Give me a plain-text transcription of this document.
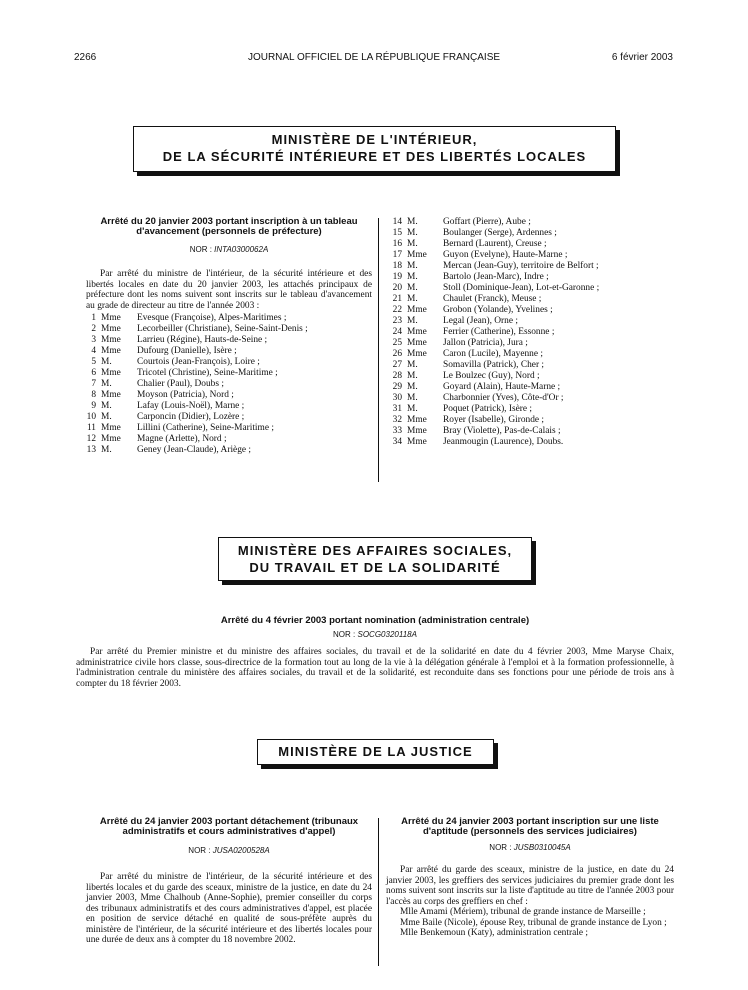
2266	JOURNAL OFFICIEL DE LA RÉPUBLIQUE FRANÇAISE	6 février 2003
MINISTÈRE DE L'INTÉRIEUR,
DE LA SÉCURITÉ INTÉRIEURE ET DES LIBERTÉS LOCALES
Arrêté du 20 janvier 2003 portant inscription à un tableau d'avancement (personnels de préfecture)
NOR : INTA0300062A
Par arrêté du ministre de l'intérieur, de la sécurité intérieure et des libertés locales en date du 20 janvier 2003, les attachés principaux de préfecture dont les noms suivent sont inscrits sur le tableau d'avancement au grade de directeur au titre de l'année 2003 :
1 Mme	Evesque (Françoise), Alpes-Maritimes ;
2 Mme	Lecorbeiller (Christiane), Seine-Saint-Denis ;
3 Mme	Larrieu (Régine), Hauts-de-Seine ;
4 Mme	Dufourg (Danielle), Isère ;
5 M.	Courtois (Jean-François), Loire ;
6 Mme	Tricotel (Christine), Seine-Maritime ;
7 M.	Chalier (Paul), Doubs ;
8 Mme	Moyson (Patricia), Nord ;
9 M.	Lafay (Louis-Noël), Marne ;
10 M.	Carponcin (Didier), Lozère ;
11 Mme	Lillini (Catherine), Seine-Maritime ;
12 Mme	Magne (Arlette), Nord ;
13 M.	Geney (Jean-Claude), Ariège ;
14 M.	Goffart (Pierre), Aube ;
15 M.	Boulanger (Serge), Ardennes ;
16 M.	Bernard (Laurent), Creuse ;
17 Mme	Guyon (Evelyne), Haute-Marne ;
18 M.	Mercan (Jean-Guy), territoire de Belfort ;
19 M.	Bartolo (Jean-Marc), Indre ;
20 M.	Stoll (Dominique-Jean), Lot-et-Garonne ;
21 M.	Chaulet (Franck), Meuse ;
22 Mme	Grobon (Yolande), Yvelines ;
23 M.	Legal (Jean), Orne ;
24 Mme	Ferrier (Catherine), Essonne ;
25 Mme	Jallon (Patricia), Jura ;
26 Mme	Caron (Lucile), Mayenne ;
27 M.	Somavilla (Patrick), Cher ;
28 M.	Le Boulzec (Guy), Nord ;
29 M.	Goyard (Alain), Haute-Marne ;
30 M.	Charbonnier (Yves), Côte-d'Or ;
31 M.	Poquet (Patrick), Isère ;
32 Mme	Royer (Isabelle), Gironde ;
33 Mme	Bray (Violette), Pas-de-Calais ;
34 Mme	Jeanmougin (Laurence), Doubs.
MINISTÈRE DES AFFAIRES SOCIALES,
DU TRAVAIL ET DE LA SOLIDARITÉ
Arrêté du 4 février 2003 portant nomination (administration centrale)
NOR : SOCG0320118A
Par arrêté du Premier ministre et du ministre des affaires sociales, du travail et de la solidarité en date du 4 février 2003, Mme Maryse Chaix, administratrice civile hors classe, sous-directrice de la formation tout au long de la vie à la délégation générale à l'emploi et à la formation professionnelle, à l'administration centrale du ministère des affaires sociales, du travail et de la solidarité, est reconduite dans ses fonctions pour une période de trois ans à compter du 18 février 2003.
MINISTÈRE DE LA JUSTICE
Arrêté du 24 janvier 2003 portant détachement (tribunaux administratifs et cours administratives d'appel)
NOR : JUSA0200528A
Par arrêté du ministre de l'intérieur, de la sécurité intérieure et des libertés locales et du garde des sceaux, ministre de la justice, en date du 24 janvier 2003, Mme Chalhoub (Anne-Sophie), premier conseiller du corps des tribunaux administratifs et des cours administratives d'appel, est placée en position de service détaché en qualité de sous-préfète auprès du ministère de l'intérieur, de la sécurité intérieure et des libertés locales pour une durée de deux ans à compter du 18 novembre 2002.
Arrêté du 24 janvier 2003 portant inscription sur une liste d'aptitude (personnels des services judiciaires)
NOR : JUSB0310045A
Par arrêté du garde des sceaux, ministre de la justice, en date du 24 janvier 2003, les greffiers des services judiciaires du premier grade dont les noms suivent sont inscrits sur la liste d'aptitude au titre de l'année 2003 pour l'accès au corps des greffiers en chef :
Mlle Amami (Mériem), tribunal de grande instance de Marseille ;
Mme Baile (Nicole), épouse Rey, tribunal de grande instance de Lyon ;
Mlle Benkemoun (Katy), administration centrale ;
